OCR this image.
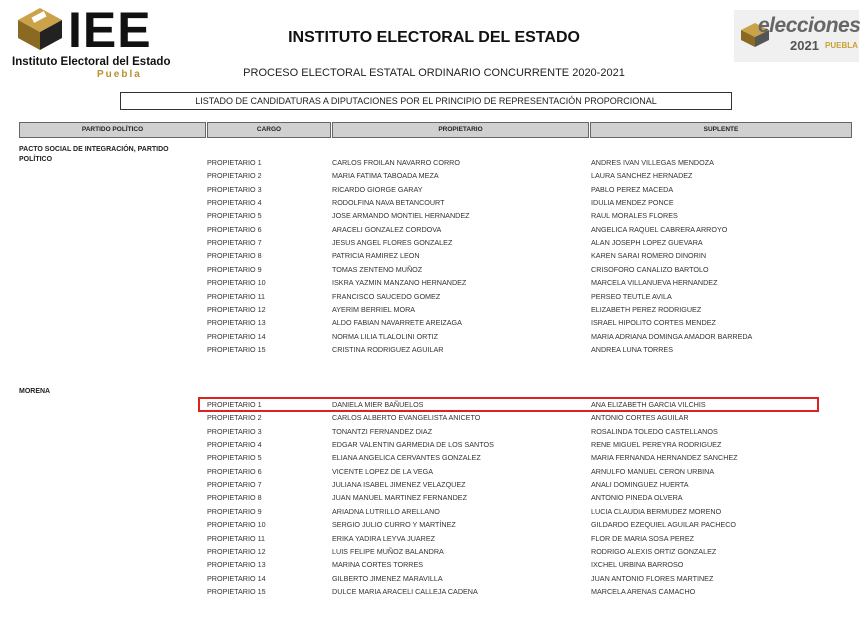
IEE
Instituto Electoral del Estado
Puebla
elecciones
2021 PUEBLA
INSTITUTO ELECTORAL DEL ESTADO
PROCESO ELECTORAL ESTATAL ORDINARIO CONCURRENTE 2020-2021
LISTADO DE CANDIDATURAS A DIPUTACIONES POR EL PRINCIPIO DE REPRESENTACIÓN PROPORCIONAL
PARTIDO POLÍTICO	CARGO	PROPIETARIO	SUPLENTE
PACTO SOCIAL DE INTEGRACIÓN, PARTIDO POLÍTICO	PROPIETARIO 1	CARLOS FROILAN NAVARRO CORRO	ANDRES IVAN VILLEGAS MENDOZA
PROPIETARIO 2	MARIA FATIMA TABOADA MEZA	LAURA SANCHEZ HERNADEZ
PROPIETARIO 3	RICARDO GIORGE GARAY	PABLO PEREZ MACEDA
PROPIETARIO 4	RODOLFINA NAVA BETANCOURT	IDULIA MENDEZ PONCE
PROPIETARIO 5	JOSE ARMANDO MONTIEL HERNANDEZ	RAUL MORALES FLORES
PROPIETARIO 6	ARACELI GONZALEZ CORDOVA	ANGELICA RAQUEL CABRERA ARROYO
PROPIETARIO 7	JESUS ANGEL FLORES GONZALEZ	ALAN JOSEPH LOPEZ GUEVARA
PROPIETARIO 8	PATRICIA RAMIREZ LEON	KAREN SARAI ROMERO DINORIN
PROPIETARIO 9	TOMAS ZENTENO MUÑOZ	CRISOFORO CANALIZO BARTOLO
PROPIETARIO 10	ISKRA YAZMIN MANZANO HERNANDEZ	MARCELA VILLANUEVA HERNANDEZ
PROPIETARIO 11	FRANCISCO SAUCEDO GOMEZ	PERSEO TEUTLE AVILA
PROPIETARIO 12	AYERIM BERRIEL MORA	ELIZABETH PEREZ RODRIGUEZ
PROPIETARIO 13	ALDO FABIAN NAVARRETE AREIZAGA	ISRAEL HIPOLITO CORTES MENDEZ
PROPIETARIO 14	NORMA LILIA TLALOLINI ORTIZ	MARIA ADRIANA DOMINGA AMADOR BARREDA
PROPIETARIO 15	CRISTINA RODRIGUEZ AGUILAR	ANDREA LUNA TORRES
MORENA
PROPIETARIO 1	DANIELA MIER BAÑUELOS	ANA ELIZABETH GARCIA VILCHIS
PROPIETARIO 2	CARLOS ALBERTO EVANGELISTA ANICETO	ANTONIO CORTES AGUILAR
PROPIETARIO 3	TONANTZI FERNANDEZ DIAZ	ROSALINDA TOLEDO CASTELLANOS
PROPIETARIO 4	EDGAR VALENTIN GARMEDIA DE LOS SANTOS	RENE MIGUEL PEREYRA RODRIGUEZ
PROPIETARIO 5	ELIANA ANGELICA CERVANTES GONZALEZ	MARIA FERNANDA HERNANDEZ SANCHEZ
PROPIETARIO 6	VICENTE LOPEZ DE LA VEGA	ARNULFO MANUEL CERON URBINA
PROPIETARIO 7	JULIANA ISABEL JIMENEZ VELAZQUEZ	ANALI DOMINGUEZ HUERTA
PROPIETARIO 8	JUAN MANUEL MARTINEZ FERNANDEZ	ANTONIO PINEDA OLVERA
PROPIETARIO 9	ARIADNA LUTRILLO ARELLANO	LUCIA CLAUDIA BERMUDEZ MORENO
PROPIETARIO 10	SERGIO JULIO CURRO Y MARTÍNEZ	GILDARDO EZEQUIEL AGUILAR PACHECO
PROPIETARIO 11	ERIKA YADIRA LEYVA JUAREZ	FLOR DE MARIA SOSA PEREZ
PROPIETARIO 12	LUIS FELIPE MUÑOZ BALANDRA	RODRIGO ALEXIS ORTIZ GONZALEZ
PROPIETARIO 13	MARINA CORTES TORRES	IXCHEL URBINA BARROSO
PROPIETARIO 14	GILBERTO JIMENEZ MARAVILLA	JUAN ANTONIO FLORES MARTINEZ
PROPIETARIO 15	DULCE MARIA ARACELI CALLEJA CADENA	MARCELA ARENAS CAMACHO
